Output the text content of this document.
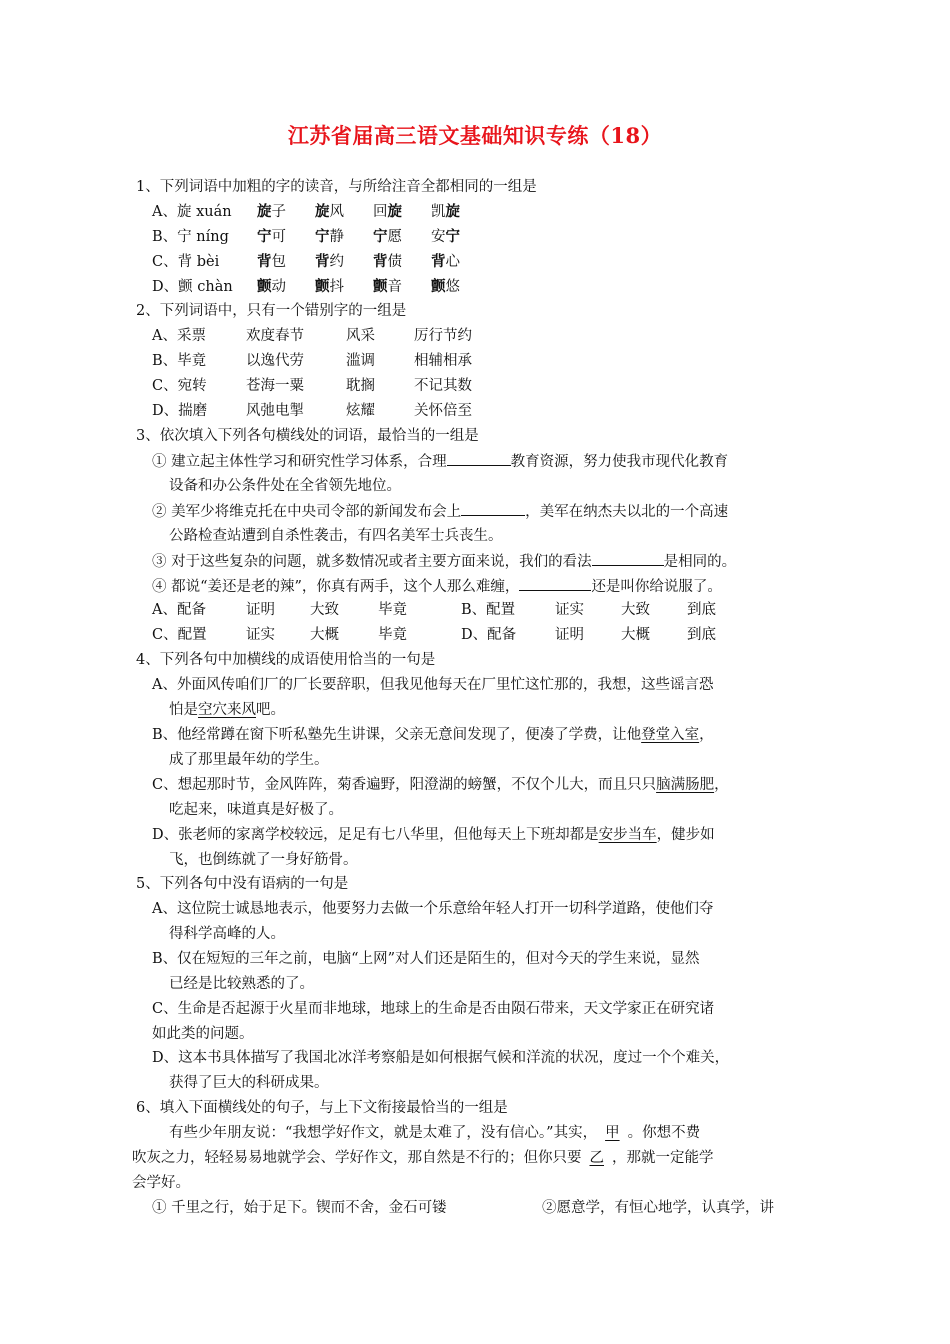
江苏省届高三语文基础知识专练（18）
1、下列词语中加粗的字的读音，与所给注音全都相同的一组是
A、旋 xuán 旋子 旋风 回旋 凯旋
B、宁 níng 宁可 宁静 宁愿 安宁
C、背 bèi	背包 背约 背债 背心
D、颤 chàn 颤动 颤抖 颤音 颤悠
2、下列词语中，只有一个错别字的一组是
A、采票	欢度春节	风采	厉行节约
B、毕竟	以逸代劳	滥调	相辅相承
C、宛转	苍海一粟	耽搁	不记其数
D、揣磨	风弛电掣	炫耀	关怀倍至
3、依次填入下列各句横线处的词语，最恰当的一组是
① 建立起主体性学习和研究性学习体系，合理	教育资源，努力使我市现代化教育
设备和办公条件处在全省领先地位。
② 美军少将维克托在中央司令部的新闻发布会上	，美军在纳杰夫以北的一个高速
公路检查站遭到自杀性袭击，有四名美军士兵丧生。
③ 对于这些复杂的问题，就多数情况或者主要方面来说，我们的看法	是相同的。
④ 都说“姜还是老的辣”，你真有两手，这个人那么难缠，	还是叫你给说服了。
A、配备	证明 大致	毕竟	B、配置	证实	大致	到底
C、配置	证实 大概	毕竟	D、配备	证明	大概	到底
4、下列各句中加横线的成语使用恰当的一句是
A、外面风传咱们厂的厂长要辞职，但我见他每天在厂里忙这忙那的，我想，这些谣言恐
怕是空穴来风吧。
B、他经常蹲在窗下听私塾先生讲课，父亲无意间发现了，便凑了学费，让他登堂入室，
成了那里最年幼的学生。
C、想起那时节，金风阵阵，菊香遍野，阳澄湖的螃蟹，不仅个儿大，而且只只脑满肠肥，
吃起来，味道真是好极了。
D、张老师的家离学校较远，足足有七八华里，但他每天上下班却都是安步当车，健步如
飞，也倒练就了一身好筋骨。
5、下列各句中没有语病的一句是
A、这位院士诚恳地表示，他要努力去做一个乐意给年轻人打开一切科学道路，使他们夺
得科学高峰的人。
B、仅在短短的三年之前，电脑“上网”对人们还是陌生的，但对今天的学生来说，显然
已经是比较熟悉的了。
C、生命是否起源于火星而非地球，地球上的生命是否由陨石带来，天文学家正在研究诸
如此类的问题。
D、这本书具体描写了我国北冰洋考察船是如何根据气候和洋流的状况，度过一个个难关，
获得了巨大的科研成果。
6、填入下面横线处的句子，与上下文衔接最恰当的一组是
有些少年朋友说：“我想学好作文，就是太难了，没有信心。”其实， 甲 。你想不费
吹灰之力，轻轻易易地就学会、学好作文，那自然是不行的；但你只要 乙 ，那就一定能学
会学好。
① 千里之行，始于足下。锲而不舍，金石可镂	②愿意学，有恒心地学，认真学，讲
